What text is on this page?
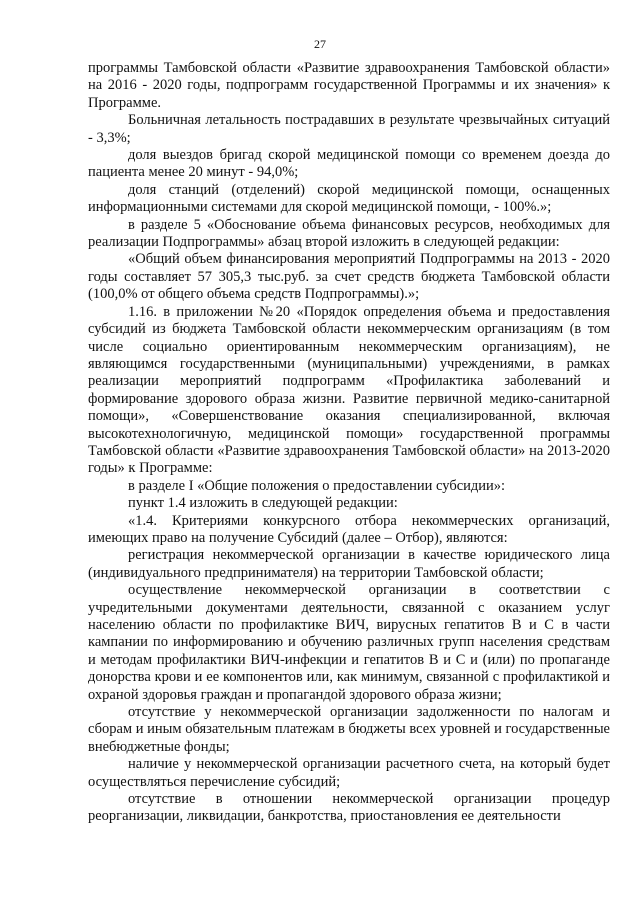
27

программы Тамбовской области «Развитие здравоохранения Тамбовской области» на 2016 - 2020 годы, подпрограмм государственной Программы и их значения» к Программе.

Больничная летальность пострадавших в результате чрезвычайных ситуаций - 3,3%;

доля выездов бригад скорой медицинской помощи со временем доезда до пациента менее 20 минут - 94,0%;

доля станций (отделений) скорой медицинской помощи, оснащенных информационными системами для скорой медицинской помощи, - 100%.»;

в разделе 5 «Обоснование объема финансовых ресурсов, необходимых для реализации Подпрограммы» абзац второй изложить в следующей редакции:

«Общий объем финансирования мероприятий Подпрограммы на 2013 - 2020 годы составляет 57 305,3 тыс.руб. за счет средств бюджета Тамбовской области (100,0% от общего объема средств Подпрограммы).»;

1.16. в приложении №20 «Порядок определения объема и предоставления субсидий из бюджета Тамбовской области некоммерческим организациям (в том числе социально ориентированным некоммерческим организациям), не являющимся государственными (муниципальными) учреждениями, в рамках реализации мероприятий подпрограмм «Профилактика заболеваний и формирование здорового образа жизни. Развитие первичной медико-санитарной помощи», «Совершенствование оказания специализированной, включая высокотехнологичную, медицинской помощи» государственной программы Тамбовской области «Развитие здравоохранения Тамбовской области» на 2013-2020 годы» к Программе:

в разделе I «Общие положения о предоставлении субсидии»:

пункт 1.4 изложить в следующей редакции:

«1.4. Критериями конкурсного отбора некоммерческих организаций, имеющих право на получение Субсидий (далее – Отбор), являются:

регистрация некоммерческой организации в качестве юридического лица (индивидуального предпринимателя) на территории Тамбовской области;

осуществление некоммерческой организации в соответствии с учредительными документами деятельности, связанной с оказанием услуг населению области по профилактике ВИЧ, вирусных гепатитов В и С в части кампании по информированию и обучению различных групп населения средствам и методам профилактики ВИЧ-инфекции и гепатитов В и С и (или) по пропаганде донорства крови и ее компонентов или, как минимум, связанной с профилактикой и охраной здоровья граждан и пропагандой здорового образа жизни;

отсутствие у некоммерческой организации задолженности по налогам и сборам и иным обязательным платежам в бюджеты всех уровней и государственные внебюджетные фонды;

наличие у некоммерческой организации расчетного счета, на который будет осуществляться перечисление субсидий;

отсутствие в отношении некоммерческой организации процедур реорганизации, ликвидации, банкротства, приостановления ее деятельности
